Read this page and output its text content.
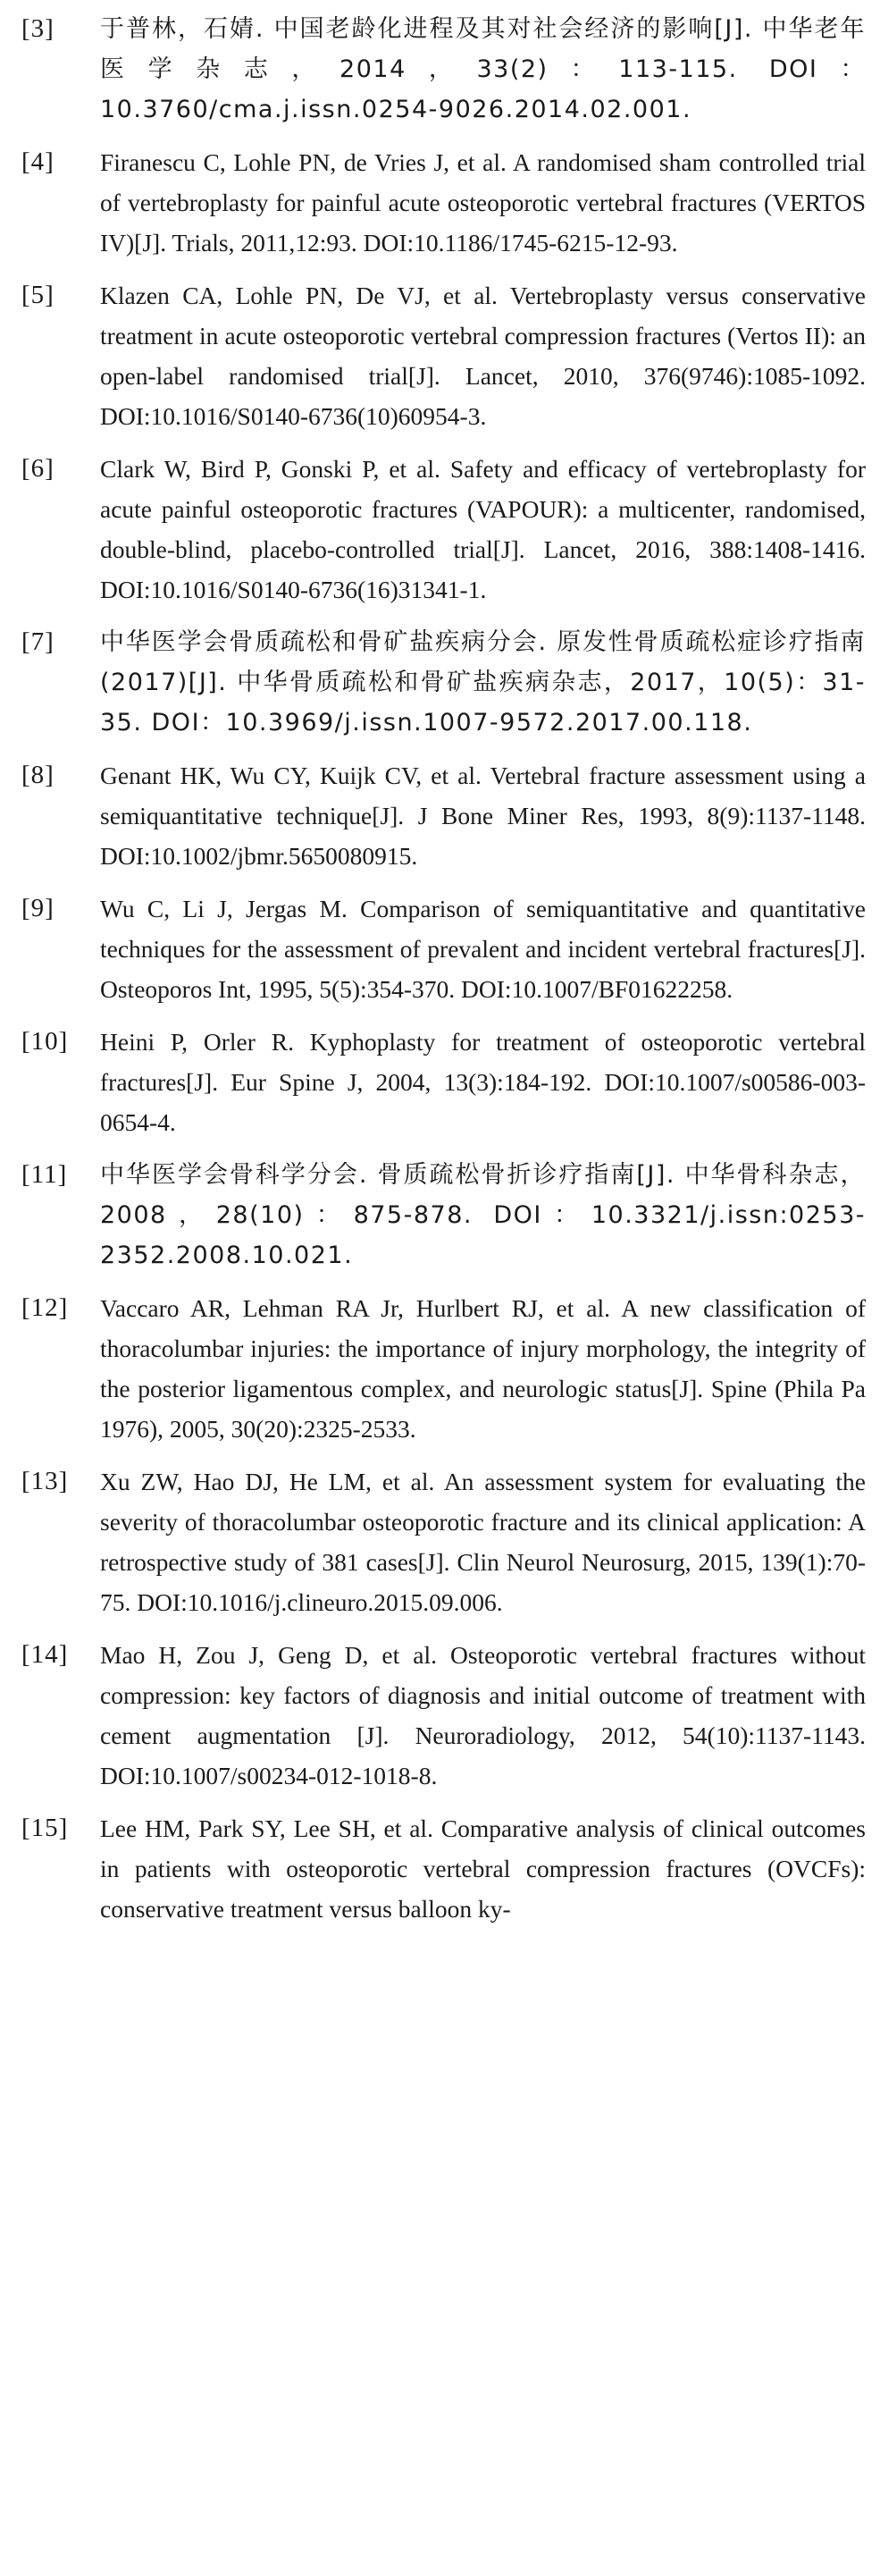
[3]	于普林，石婧. 中国老龄化进程及其对社会经济的影响[J]. 中华老年医学杂志，2014，33(2)：113-115. DOI：10.3760/cma.j.issn.0254-9026.2014.02.001.
[4]	Firanescu C, Lohle PN, de Vries J, et al. A randomised sham controlled trial of vertebroplasty for painful acute osteoporotic vertebral fractures (VERTOS IV)[J]. Trials, 2011,12:93. DOI:10.1186/1745-6215-12-93.
[5]	Klazen CA, Lohle PN, De VJ, et al. Vertebroplasty versus conservative treatment in acute osteoporotic vertebral compression fractures (Vertos II): an open-label randomised trial[J]. Lancet, 2010, 376(9746):1085-1092. DOI:10.1016/S0140-6736(10)60954-3.
[6]	Clark W, Bird P, Gonski P, et al. Safety and efficacy of vertebroplasty for acute painful osteoporotic fractures (VAPOUR): a multicenter, randomised, double-blind, placebo-controlled trial[J]. Lancet, 2016, 388:1408-1416. DOI:10.1016/S0140-6736(16)31341-1.
[7]	中华医学会骨质疏松和骨矿盐疾病分会. 原发性骨质疏松症诊疗指南(2017)[J]. 中华骨质疏松和骨矿盐疾病杂志，2017，10(5)：31-35. DOI：10.3969/j.issn.1007-9572.2017.00.118.
[8]	Genant HK, Wu CY, Kuijk CV, et al. Vertebral fracture assessment using a semiquantitative technique[J]. J Bone Miner Res, 1993, 8(9):1137-1148. DOI:10.1002/jbmr.5650080915.
[9]	Wu C, Li J, Jergas M. Comparison of semiquantitative and quantitative techniques for the assessment of prevalent and incident vertebral fractures[J]. Osteoporos Int, 1995, 5(5):354-370. DOI:10.1007/BF01622258.
[10]	Heini P, Orler R. Kyphoplasty for treatment of osteoporotic vertebral fractures[J]. Eur Spine J, 2004, 13(3):184-192. DOI:10.1007/s00586-003-0654-4.
[11]	中华医学会骨科学分会. 骨质疏松骨折诊疗指南[J]. 中华骨科杂志，2008，28(10)：875-878. DOI：10.3321/j.issn:0253-2352.2008.10.021.
[12]	Vaccaro AR, Lehman RA Jr, Hurlbert RJ, et al. A new classification of thoracolumbar injuries: the importance of injury morphology, the integrity of the posterior ligamentous complex, and neurologic status[J]. Spine (Phila Pa 1976), 2005, 30(20):2325-2533.
[13]	Xu ZW, Hao DJ, He LM, et al. An assessment system for evaluating the severity of thoracolumbar osteoporotic fracture and its clinical application: A retrospective study of 381 cases[J]. Clin Neurol Neurosurg, 2015, 139(1):70-75. DOI:10.1016/j.clineuro.2015.09.006.
[14]	Mao H, Zou J, Geng D, et al. Osteoporotic vertebral fractures without compression: key factors of diagnosis and initial outcome of treatment with cement augmentation [J]. Neuroradiology, 2012, 54(10):1137-1143. DOI:10.1007/s00234-012-1018-8.
[15]	Lee HM, Park SY, Lee SH, et al. Comparative analysis of clinical outcomes in patients with osteoporotic vertebral compression fractures (OVCFs): conservative treatment versus balloon ky-
